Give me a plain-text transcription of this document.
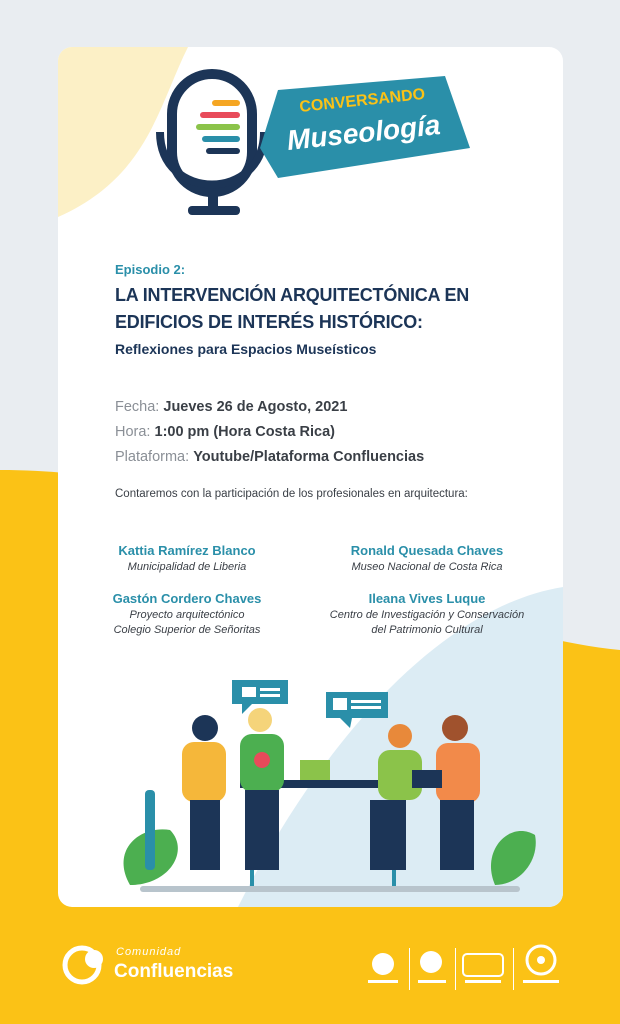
CONVERSANDO
Museología
Episodio 2:
LA INTERVENCIÓN ARQUITECTÓNICA EN
EDIFICIOS DE INTERÉS HISTÓRICO:
Reflexiones para Espacios Museísticos
Fecha: Jueves 26 de Agosto, 2021
Hora: 1:00 pm (Hora Costa Rica)
Plataforma: Youtube/Plataforma Confluencias
Contaremos con la participación de los profesionales en arquitectura:
Kattia Ramírez Blanco
Municipalidad de Liberia
Ronald Quesada Chaves
Museo Nacional de Costa Rica
Gastón Cordero Chaves
Proyecto arquitectónico
Colegio Superior de Señoritas
Ileana Vives Luque
Centro de Investigación y Conservación
del Patrimonio Cultural
Comunidad
Confluencias
